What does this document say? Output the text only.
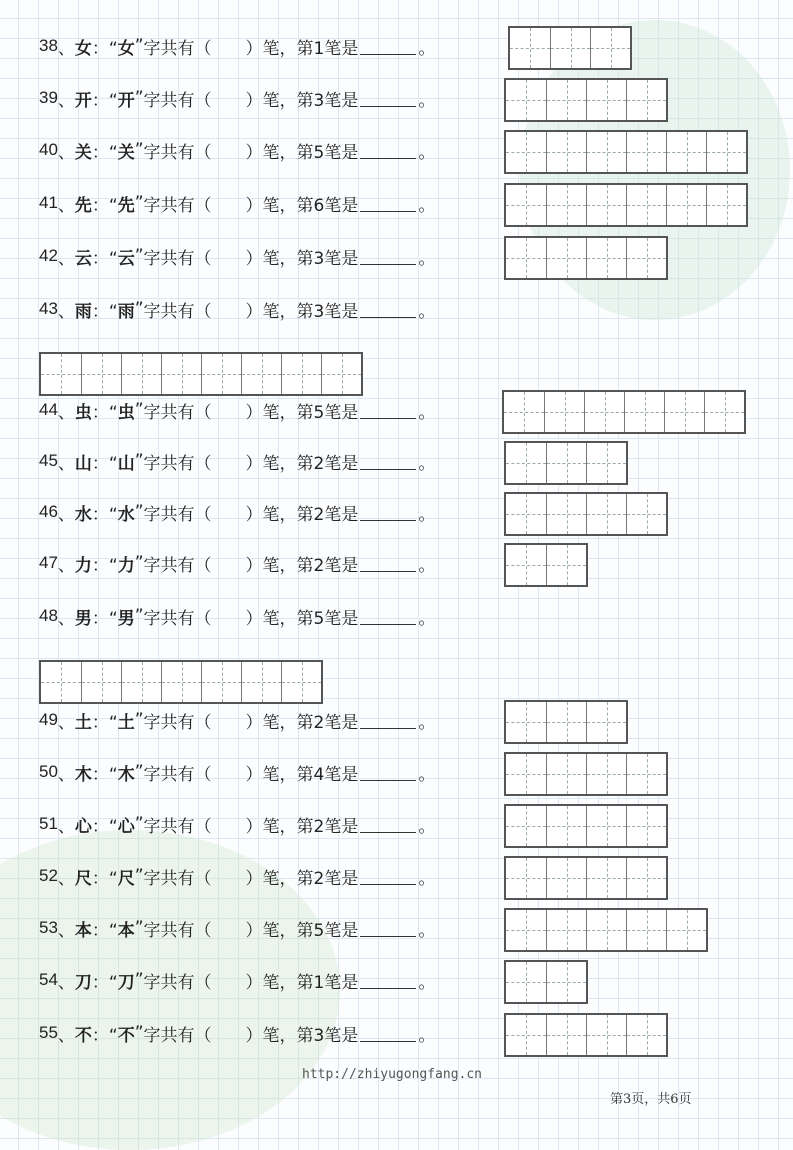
38 、 女 ：“ 女 ” 字共有（　　）笔，第1笔是	。
39 、 开 ：“ 开 ” 字共有（　　）笔，第3笔是	。
40 、 关 ：“ 关 ” 字共有（　　）笔，第5笔是	。
41 、 先 ：“ 先 ” 字共有（　　）笔，第6笔是	。
42 、 云 ：“ 云 ” 字共有（　　）笔，第3笔是	。
43 、 雨 ：“ 雨 ” 字共有（　　）笔，第3笔是	。
44 、 虫 ：“ 虫 ” 字共有（　　）笔，第5笔是	。
45 、 山 ：“ 山 ” 字共有（　　）笔，第2笔是	。
46 、 水 ：“ 水 ” 字共有（　　）笔，第2笔是	。
47 、 力 ：“ 力 ” 字共有（　　）笔，第2笔是	。
48 、 男 ：“ 男 ” 字共有（　　）笔，第5笔是	。
49 、 土 ：“ 土 ” 字共有（　　）笔，第2笔是	。
50 、 木 ：“ 木 ” 字共有（　　）笔，第4笔是	。
51 、 心 ：“ 心 ” 字共有（　　）笔，第2笔是	。
52 、 尺 ：“ 尺 ” 字共有（　　）笔，第2笔是	。
53 、 本 ：“ 本 ” 字共有（　　）笔，第5笔是	。
54 、 刀 ：“ 刀 ” 字共有（　　）笔，第1笔是	。
55 、 不 ：“ 不 ” 字共有（　　）笔，第3笔是	。
http://zhiyugongfang.cn
第3页，共6页
